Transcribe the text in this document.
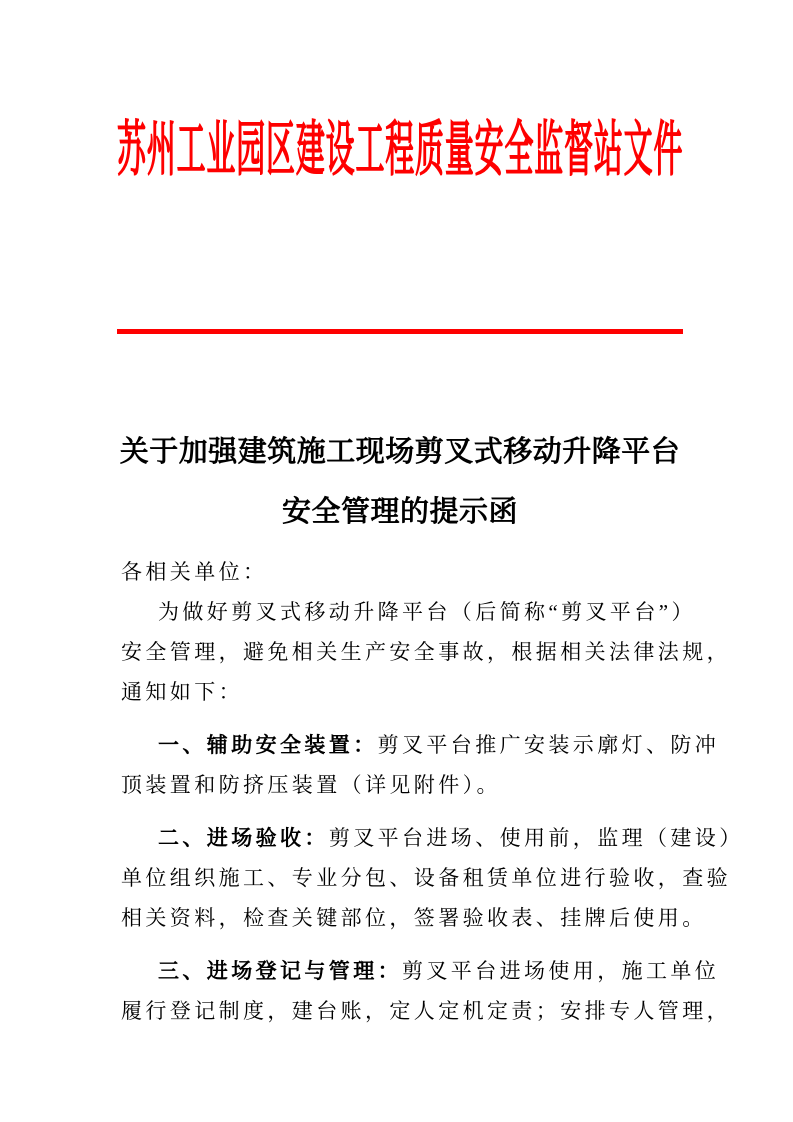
苏州工业园区建设工程质量安全监督站文件
关于加强建筑施工现场剪叉式移动升降平台
安全管理的提示函
各相关单位：
为做好剪叉式移动升降平台（后简称“剪叉平台”）
安全管理，避免相关生产安全事故，根据相关法律法规，
通知如下：
一、辅助安全装置：剪叉平台推广安装示廓灯、防冲
顶装置和防挤压装置（详见附件）。
二、进场验收：剪叉平台进场、使用前，监理（建设）
单位组织施工、专业分包、设备租赁单位进行验收，查验
相关资料，检查关键部位，签署验收表、挂牌后使用。
三、进场登记与管理：剪叉平台进场使用，施工单位
履行登记制度，建台账，定人定机定责；安排专人管理，
